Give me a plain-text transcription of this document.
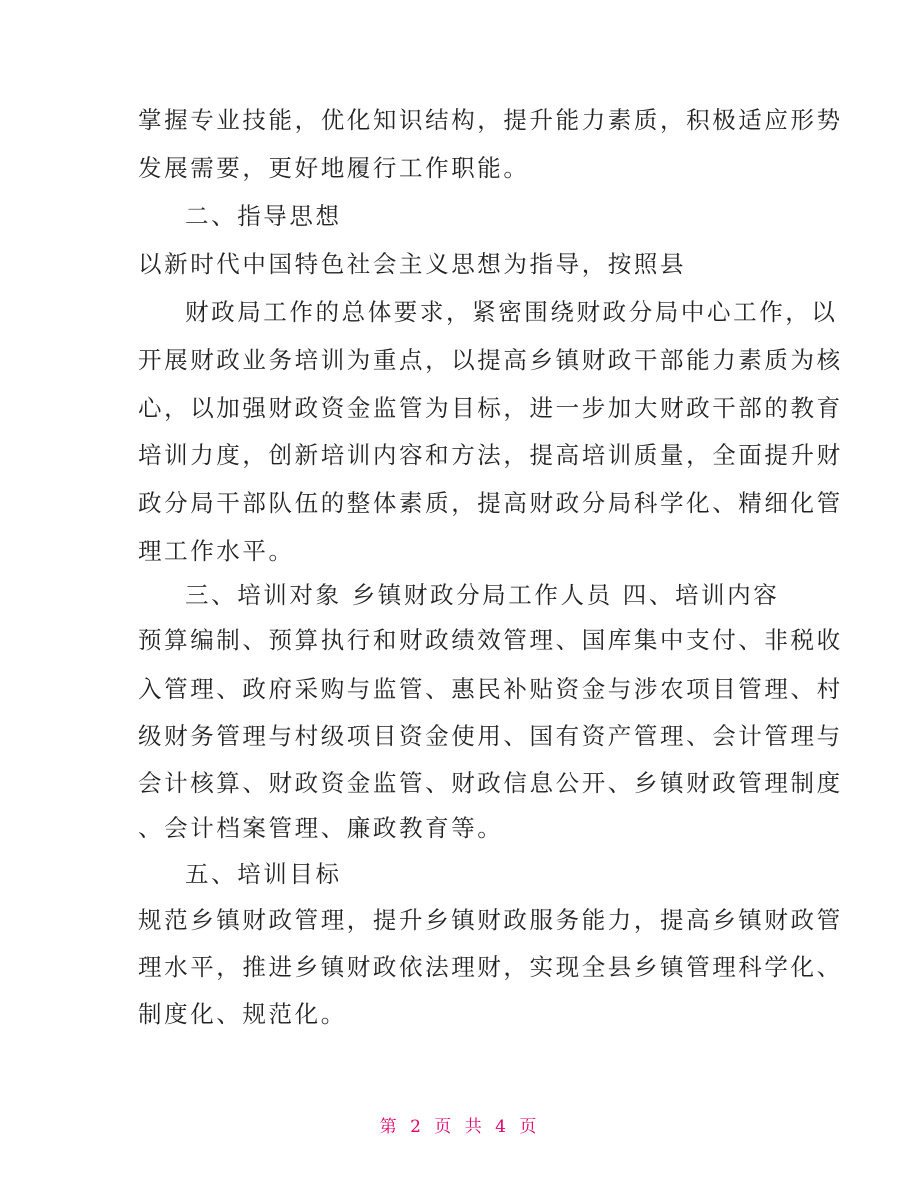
掌握专业技能，优化知识结构，提升能力素质，积极适应形势
发展需要，更好地履行工作职能。
二、指导思想
以新时代中国特色社会主义思想为指导，按照县
财政局工作的总体要求，紧密围绕财政分局中心工作，以
开展财政业务培训为重点，以提高乡镇财政干部能力素质为核
心，以加强财政资金监管为目标，进一步加大财政干部的教育
培训力度，创新培训内容和方法，提高培训质量，全面提升财
政分局干部队伍的整体素质，提高财政分局科学化、精细化管
理工作水平。
三、培训对象 乡镇财政分局工作人员 四、培训内容
预算编制、预算执行和财政绩效管理、国库集中支付、非税收
入管理、政府采购与监管、惠民补贴资金与涉农项目管理、村
级财务管理与村级项目资金使用、国有资产管理、会计管理与
会计核算、财政资金监管、财政信息公开、乡镇财政管理制度
、会计档案管理、廉政教育等。
五、培训目标
规范乡镇财政管理，提升乡镇财政服务能力，提高乡镇财政管
理水平，推进乡镇财政依法理财，实现全县乡镇管理科学化、
制度化、规范化。
第 2 页 共 4 页
